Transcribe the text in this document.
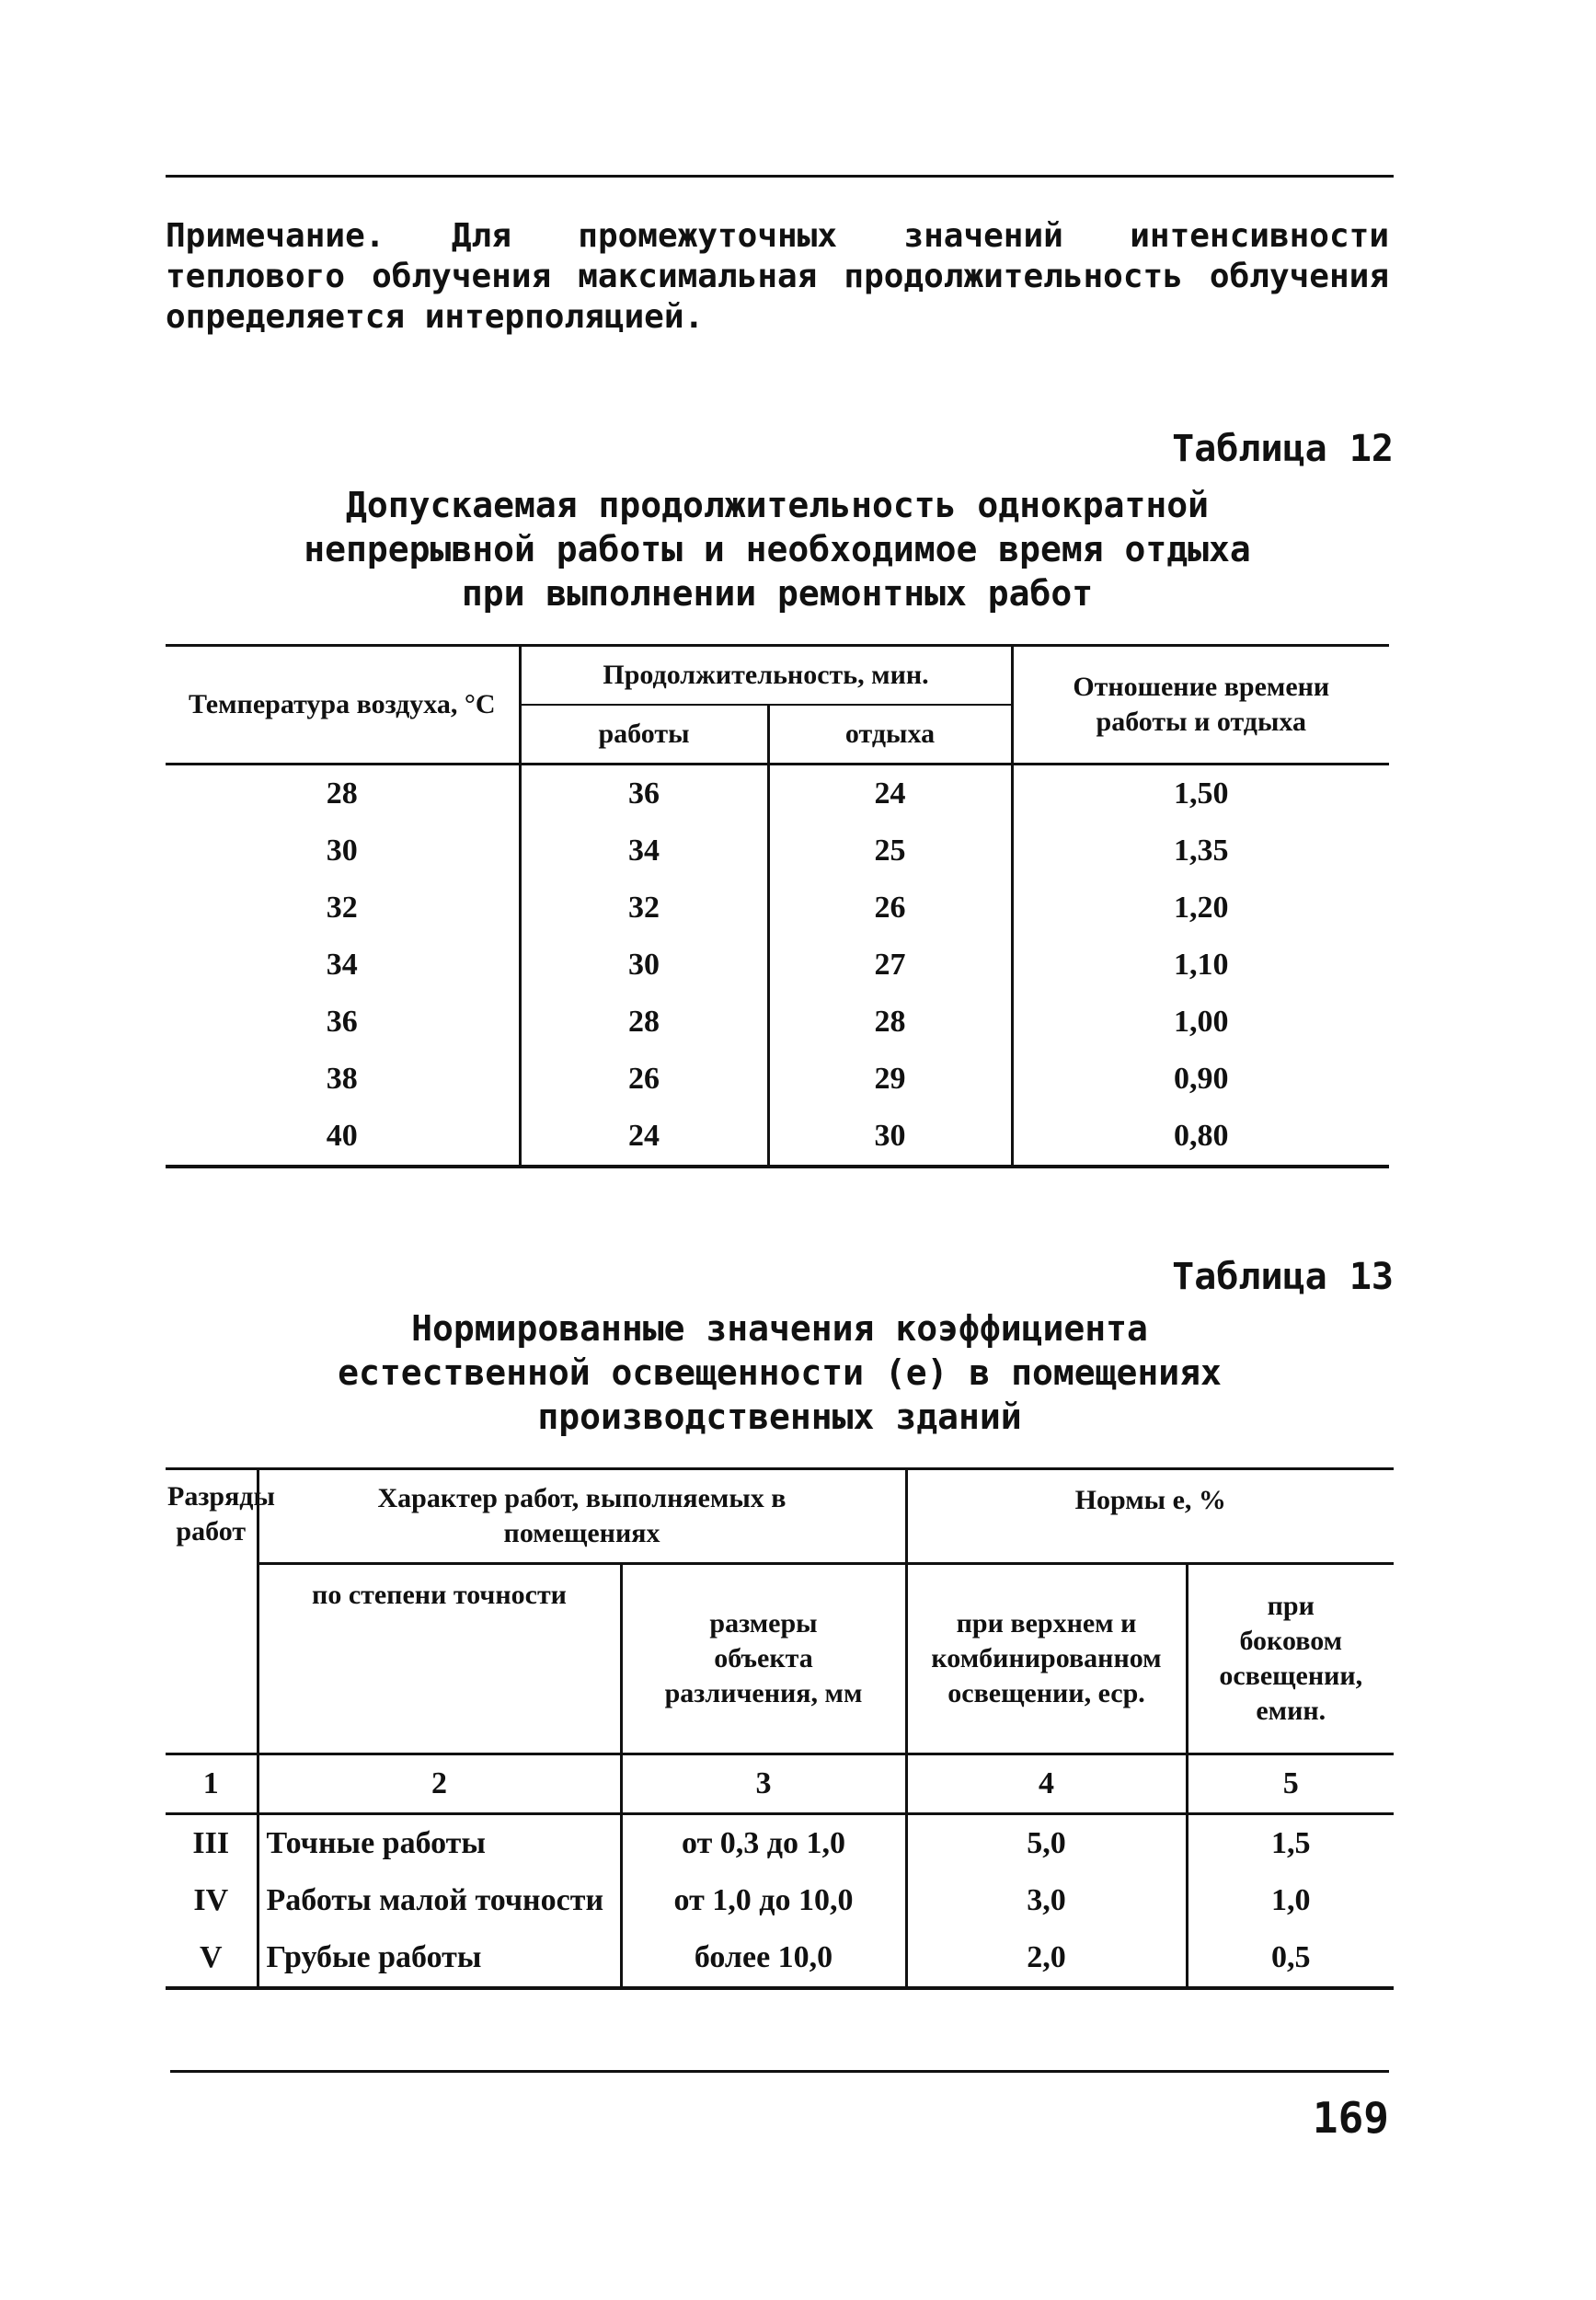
Примечание. Для промежуточных значений интенсивности теплового облучения максимальная продолжительность облучения определяется интерполяцией.
Таблица 12
Допускаемая продолжительность однократной
непрерывной работы и необходимое время отдыха
при выполнении ремонтных работ
Температура воздуха, °С	Продолжительность, мин.		Отношение времени работы и отдыха
	работы	отдыха	
28	36	24	1,50
30	34	25	1,35
32	32	26	1,20
34	30	27	1,10
36	28	28	1,00
38	26	29	0,90
40	24	30	0,80
Таблица 13
Нормированные значения коэффициента
естественной освещенности (е) в помещениях
производственных зданий
Разряды работ	Характер работ, выполняемых в помещениях		Нормы е, %	
	по степени точности	размеры объекта различения, мм	при верхнем и комбинированном освещении, еср.	при боковом освещении, емин.
1	2	3	4	5
III	Точные работы	от 0,3 до 1,0	5,0	1,5
IV	Работы малой точности	от 1,0 до 10,0	3,0	1,0
V	Грубые работы	более 10,0	2,0	0,5
169
